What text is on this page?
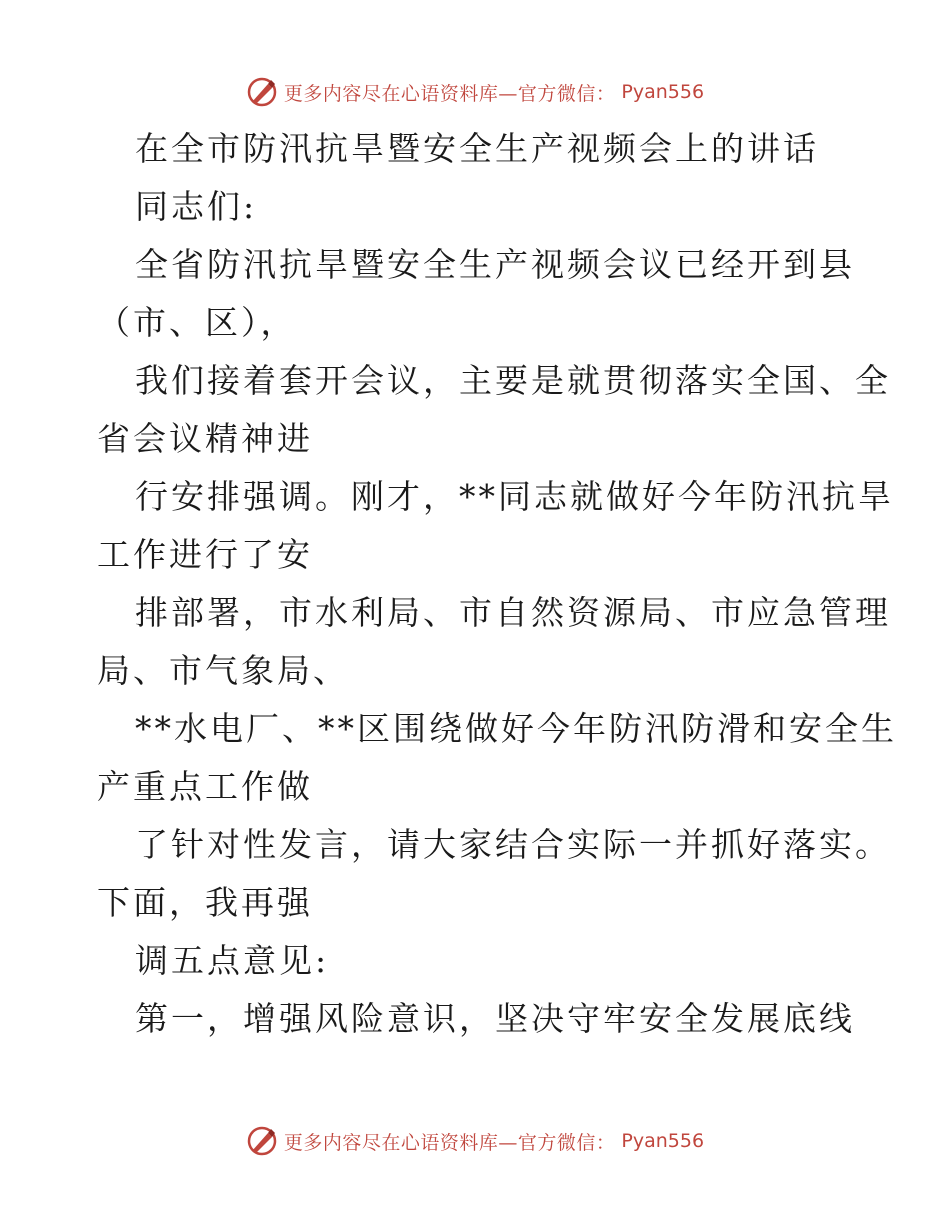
更多内容尽在心语资料库—官方微信： Pyan556

在全市防汛抗旱暨安全生产视频会上的讲话

同志们:

全省防汛抗旱暨安全生产视频会议已经开到县

（市、区），

我们接着套开会议，主要是就贯彻落实全国、全

省会议精神进

行安排强调。刚才，**同志就做好今年防汛抗旱

工作进行了安

排部署，市水利局、市自然资源局、市应急管理

局、市气象局、

**水电厂、**区围绕做好今年防汛防滑和安全生

产重点工作做

了针对性发言，请大家结合实际一并抓好落实。

下面，我再强

调五点意见:

第一，增强风险意识，坚决守牢安全发展底线

更多内容尽在心语资料库—官方微信： Pyan556
